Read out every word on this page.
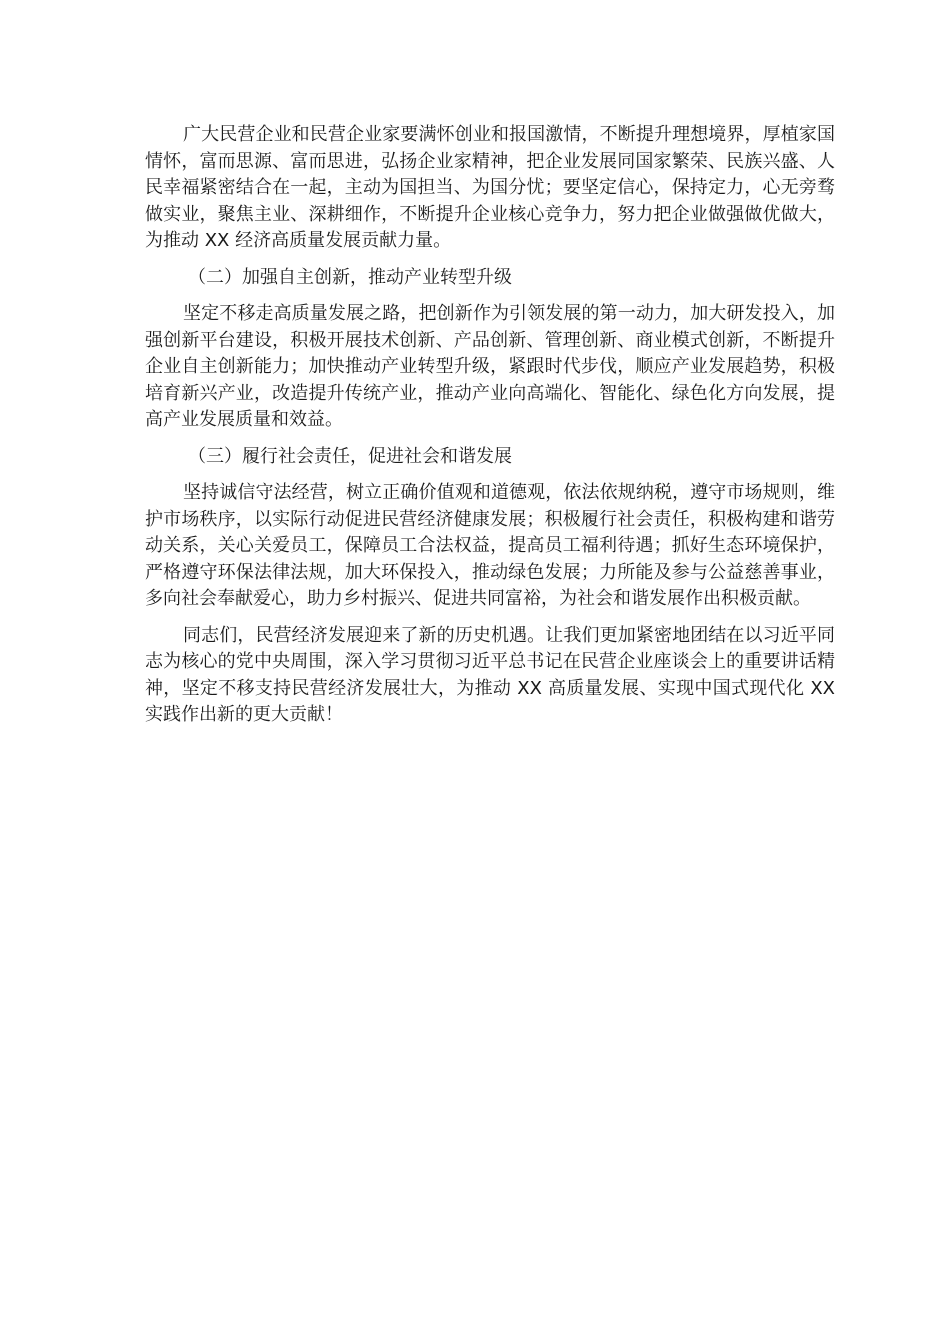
广大民营企业和民营企业家要满怀创业和报国激情，不断提升理想境界，厚植家国情怀，富而思源、富而思进，弘扬企业家精神，把企业发展同国家繁荣、民族兴盛、人民幸福紧密结合在一起，主动为国担当、为国分忧；要坚定信心，保持定力，心无旁骛做实业，聚焦主业、深耕细作，不断提升企业核心竞争力，努力把企业做强做优做大，为推动 XX 经济高质量发展贡献力量。

（二）加强自主创新，推动产业转型升级

坚定不移走高质量发展之路，把创新作为引领发展的第一动力，加大研发投入，加强创新平台建设，积极开展技术创新、产品创新、管理创新、商业模式创新，不断提升企业自主创新能力；加快推动产业转型升级，紧跟时代步伐，顺应产业发展趋势，积极培育新兴产业，改造提升传统产业，推动产业向高端化、智能化、绿色化方向发展，提高产业发展质量和效益。

（三）履行社会责任，促进社会和谐发展

坚持诚信守法经营，树立正确价值观和道德观，依法依规纳税，遵守市场规则，维护市场秩序，以实际行动促进民营经济健康发展；积极履行社会责任，积极构建和谐劳动关系，关心关爱员工，保障员工合法权益，提高员工福利待遇；抓好生态环境保护，严格遵守环保法律法规，加大环保投入，推动绿色发展；力所能及参与公益慈善事业，多向社会奉献爱心，助力乡村振兴、促进共同富裕，为社会和谐发展作出积极贡献。

同志们，民营经济发展迎来了新的历史机遇。让我们更加紧密地团结在以习近平同志为核心的党中央周围，深入学习贯彻习近平总书记在民营企业座谈会上的重要讲话精神，坚定不移支持民营经济发展壮大，为推动 XX 高质量发展、实现中国式现代化 XX 实践作出新的更大贡献！
